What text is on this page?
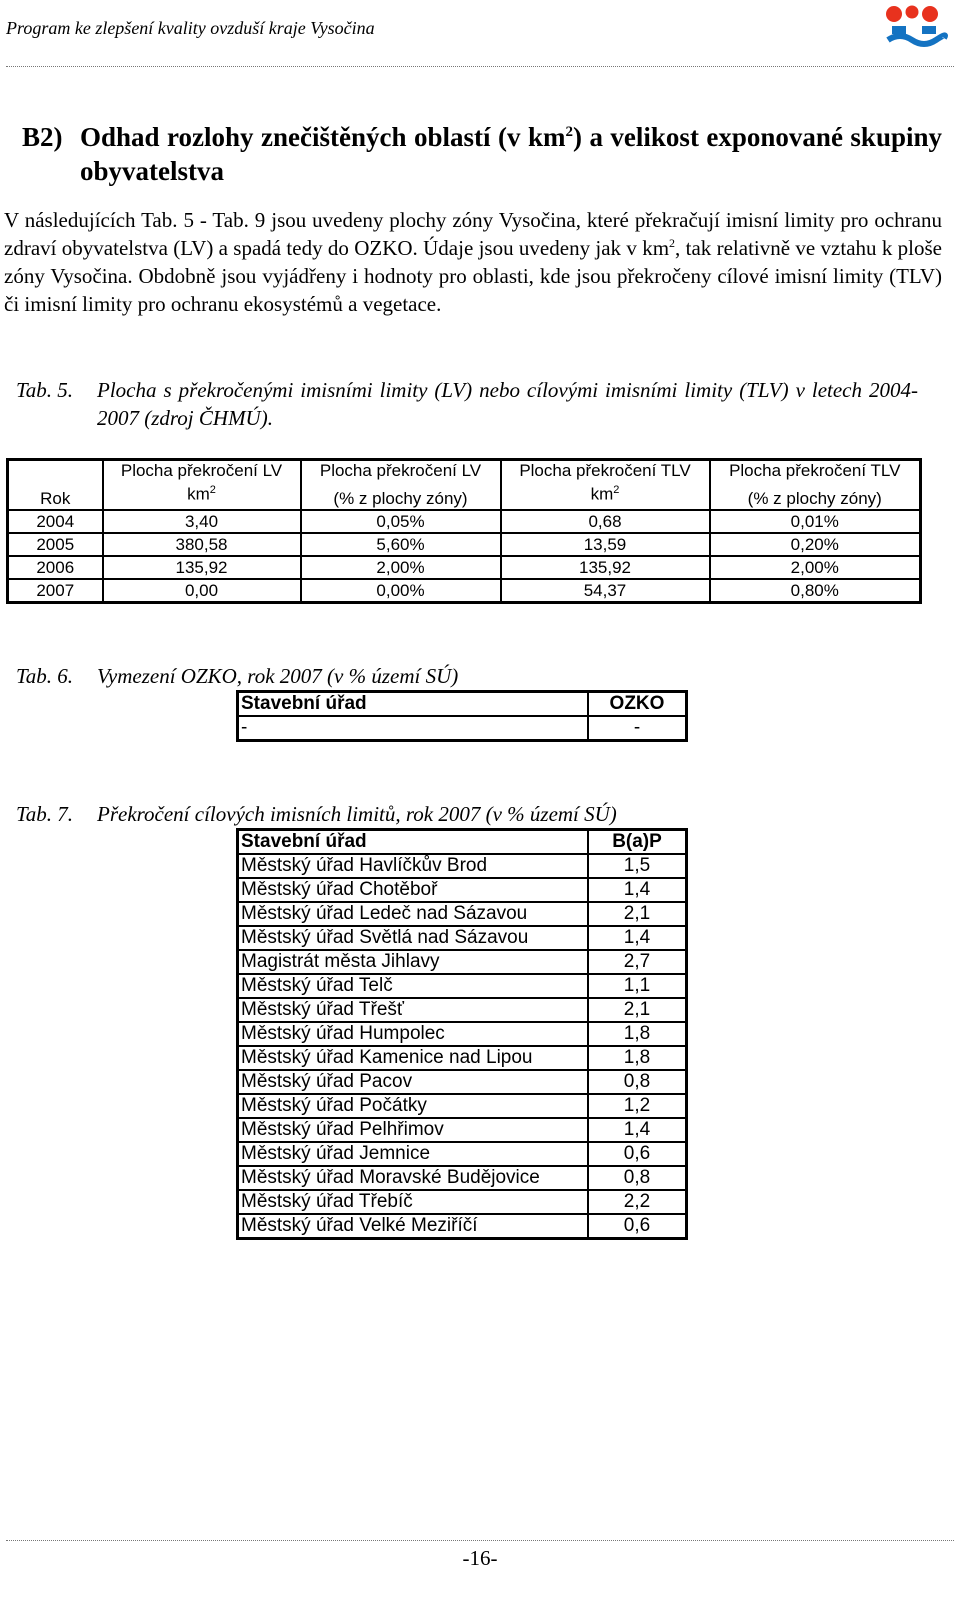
Program ke zlepšení kvality ovzduší kraje Vysočina
B2) Odhad rozlohy znečištěných oblastí (v $km^2$) a velikost exponované skupiny obyvatelstva

V následujících Tab. 5 - Tab. 9 jsou uvedeny plochy zóny Vysočina, které překračují imisní limity pro ochranu zdraví obyvatelstva (LV) a spadá tedy do OZKO. Údaje jsou uvedeny jak v $km^2$, tak relativně ve vztahu k ploše zóny Vysočina. Obdobně jsou vyjádřeny i hodnoty pro oblasti, kde jsou překročeny cílové imisní limity (TLV) či imisní limity pro ochranu ekosystémů a vegetace.

Tab. 5. Plocha s překročenými imisními limity (LV) nebo cílovými imisními limity (TLV) v letech 2004-2007 (zdroj ČHMÚ).
	Plocha překročení LV	Plocha překročení LV	Plocha překročení TLV	Plocha překročení TLV
Rok	$km^2$	(% z plochy zóny)	$km^2$	(% z plochy zóny)
2004	3,40	0,05%	0,68	0,01%
2005	380,58	5,60%	13,59	0,20%
2006	135,92	2,00%	135,92	2,00%
2007	0,00	0,00%	54,37	0,80%
Tab. 6. Vymezení OZKO, rok 2007 (v % území SÚ)
Stavební úřad	OZKO
-	-
Tab. 7. Překročení cílových imisních limitů, rok 2007 (v % území SÚ)
Stavební úřad	B(a)P
Městský úřad Havlíčkův Brod	1,5
Městský úřad Chotěboř	1,4
Městský úřad Ledeč nad Sázavou	2,1
Městský úřad Světlá nad Sázavou	1,4
Magistrát města Jihlavy	2,7
Městský úřad Telč	1,1
Městský úřad Třešť	2,1
Městský úřad Humpolec	1,8
Městský úřad Kamenice nad Lipou	1,8
Městský úřad Pacov	0,8
Městský úřad Počátky	1,2
Městský úřad Pelhřimov	1,4
Městský úřad Jemnice	0,6
Městský úřad Moravské Budějovice	0,8
Městský úřad Třebíč	2,2
Městský úřad Velké Meziříčí	0,6
-16-
